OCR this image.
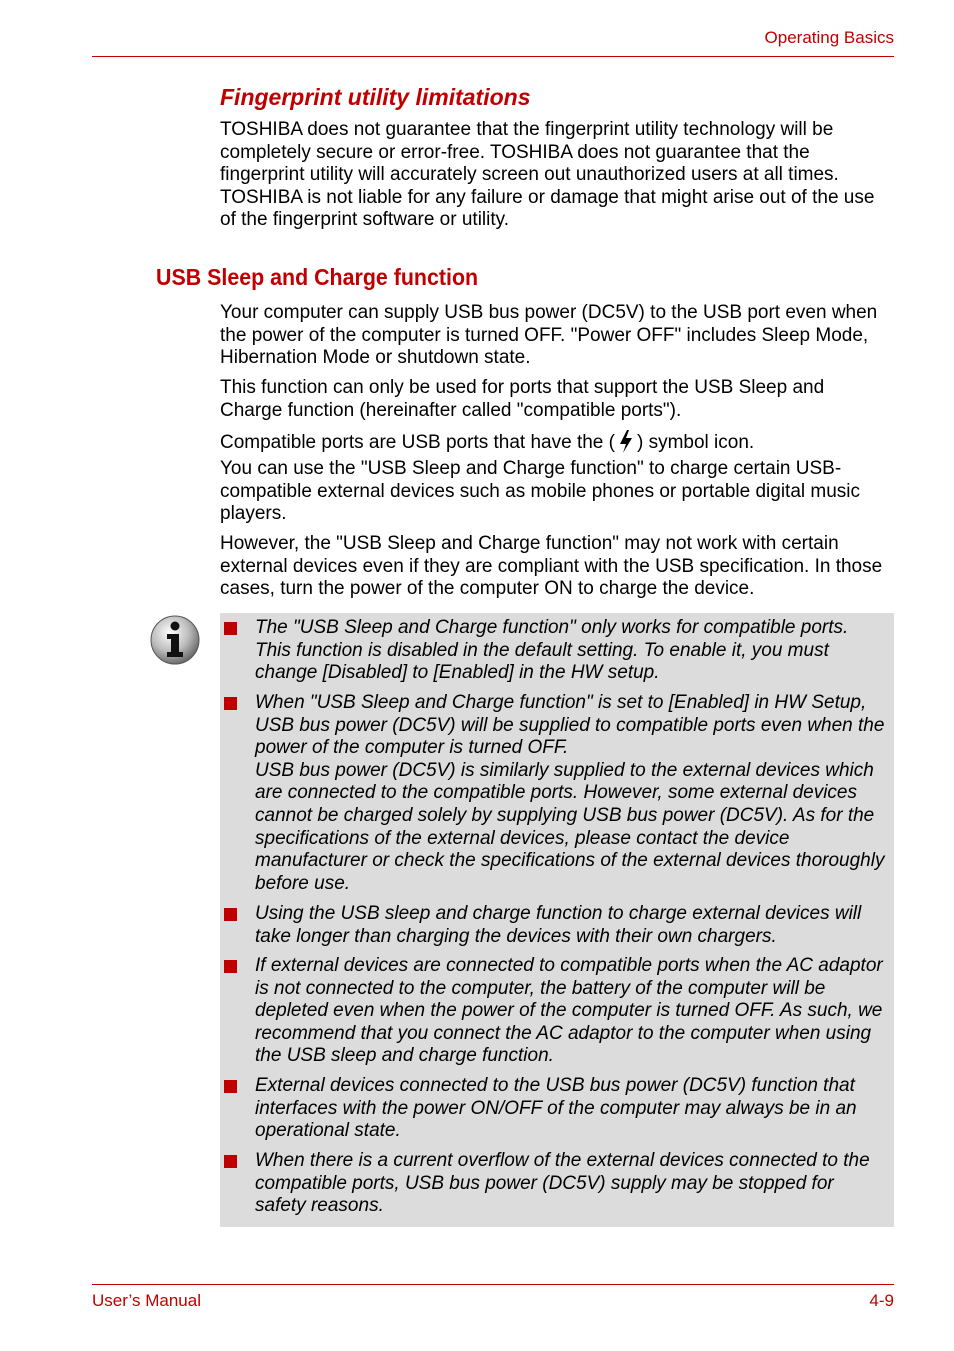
Operating Basics
Fingerprint utility limitations

TOSHIBA does not guarantee that the fingerprint utility technology will be completely secure or error-free. TOSHIBA does not guarantee that the fingerprint utility will accurately screen out unauthorized users at all times. TOSHIBA is not liable for any failure or damage that might arise out of the use of the fingerprint software or utility.

USB Sleep and Charge function

Your computer can supply USB bus power (DC5V) to the USB port even when the power of the computer is turned OFF. "Power OFF" includes Sleep Mode, Hibernation Mode or shutdown state.

This function can only be used for ports that support the USB Sleep and Charge function (hereinafter called "compatible ports").

Compatible ports are USB ports that have the ( ) symbol icon.

You can use the "USB Sleep and Charge function" to charge certain USB-compatible external devices such as mobile phones or portable digital music players.

However, the "USB Sleep and Charge function" may not work with certain external devices even if they are compliant with the USB specification. In those cases, turn the power of the computer ON to charge the device.

The "USB Sleep and Charge function" only works for compatible ports. This function is disabled in the default setting. To enable it, you must change [Disabled] to [Enabled] in the HW setup.
When "USB Sleep and Charge function" is set to [Enabled] in HW Setup, USB bus power (DC5V) will be supplied to compatible ports even when the power of the computer is turned OFF.
USB bus power (DC5V) is similarly supplied to the external devices which are connected to the compatible ports. However, some external devices cannot be charged solely by supplying USB bus power (DC5V). As for the specifications of the external devices, please contact the device manufacturer or check the specifications of the external devices thoroughly before use.
Using the USB sleep and charge function to charge external devices will take longer than charging the devices with their own chargers.
If external devices are connected to compatible ports when the AC adaptor is not connected to the computer, the battery of the computer will be depleted even when the power of the computer is turned OFF. As such, we recommend that you connect the AC adaptor to the computer when using the USB sleep and charge function.
External devices connected to the USB bus power (DC5V) function that interfaces with the power ON/OFF of the computer may always be in an operational state.
When there is a current overflow of the external devices connected to the compatible ports, USB bus power (DC5V) supply may be stopped for safety reasons.
User’s Manual	4-9
